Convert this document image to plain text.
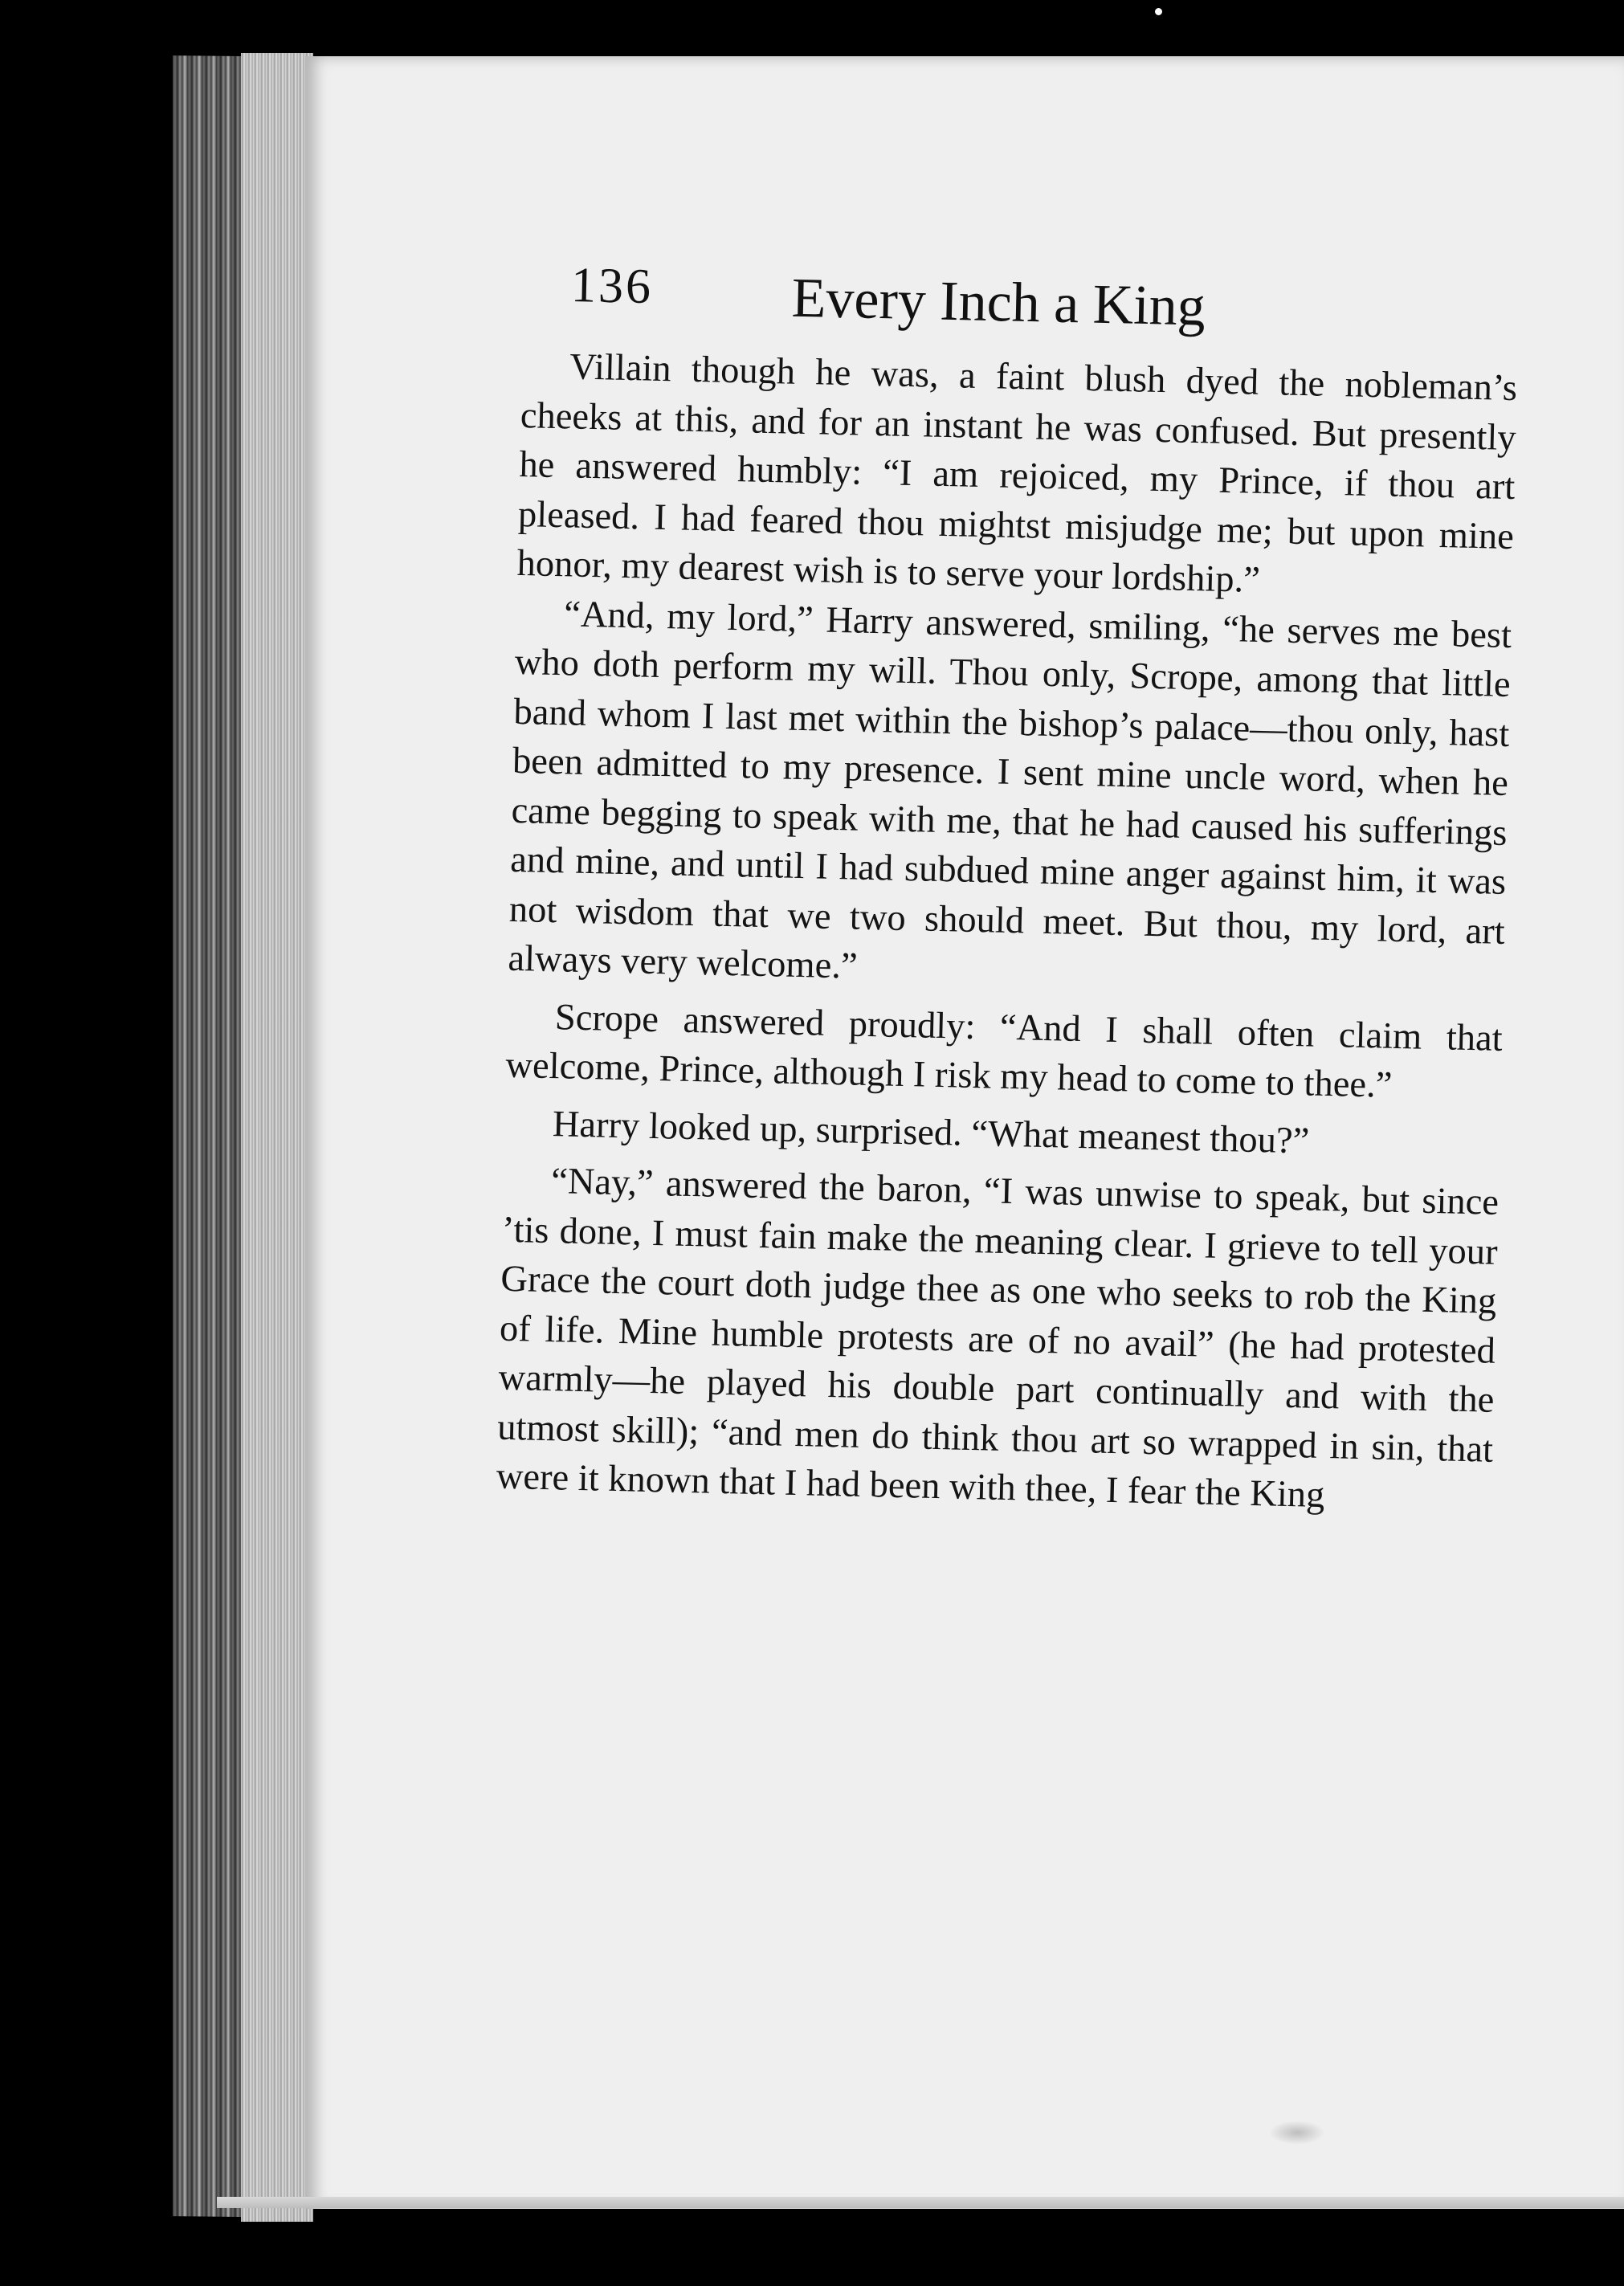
136 Every Inch a King

Villain though he was, a faint blush dyed the nobleman’s cheeks at this, and for an instant he was confused. But presently he answered humbly: “I am rejoiced, my Prince, if thou art pleased. I had feared thou mightst misjudge me; but upon mine honor, my dearest wish is to serve your lordship.”

“And, my lord,” Harry answered, smiling, “he serves me best who doth perform my will. Thou only, Scrope, among that little band whom I last met within the bishop’s palace—thou only, hast been admitted to my presence. I sent mine uncle word, when he came begging to speak with me, that he had caused his sufferings and mine, and until I had subdued mine anger against him, it was not wisdom that we two should meet. But thou, my lord, art always very welcome.”

Scrope answered proudly: “And I shall often claim that welcome, Prince, although I risk my head to come to thee.”

Harry looked up, surprised. “What meanest thou?”

“Nay,” answered the baron, “I was unwise to speak, but since ’tis done, I must fain make the meaning clear. I grieve to tell your Grace the court doth judge thee as one who seeks to rob the King of life. Mine humble protests are of no avail” (he had protested warmly—he played his double part continually and with the utmost skill); “and men do think thou art so wrapped in sin, that were it known that I had been with thee, I fear the King
